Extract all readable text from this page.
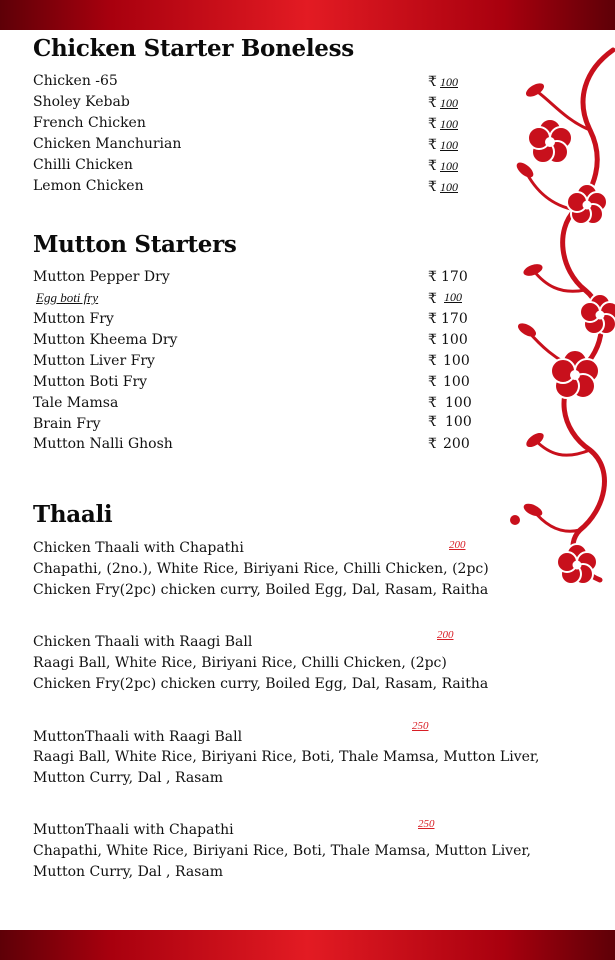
Chicken Starter Boneless
Chicken -65	₹ 100
Sholey Kebab	₹ 100
French Chicken	₹ 100
Chicken Manchurian	₹ 100
Chilli Chicken	₹ 100
Lemon Chicken	₹ 100
Mutton Starters
Mutton Pepper Dry	₹ 170
Egg boti fry	₹ 100
Mutton Fry	₹ 170
Mutton Kheema Dry	₹ 100
Mutton Liver Fry	₹ 100
Mutton Boti Fry	₹ 100
Tale Mamsa	₹ 100
Brain Fry	₹ 100
Mutton Nalli Ghosh	₹ 200
Thaali
Chicken Thaali with Chapathi	200
Chapathi, (2no.), White Rice, Biriyani Rice, Chilli Chicken, (2pc)
Chicken Fry(2pc) chicken curry, Boiled Egg, Dal, Rasam, Raitha
Chicken Thaali with Raagi Ball	200
Raagi Ball, White Rice, Biriyani Rice, Chilli Chicken, (2pc)
Chicken Fry(2pc) chicken curry, Boiled Egg, Dal, Rasam, Raitha
MuttonThaali with Raagi Ball
250
Raagi Ball, White Rice, Biriyani Rice, Boti, Thale Mamsa, Mutton Liver,
Mutton Curry, Dal , Rasam
MuttonThaali with Chapathi	250
Chapathi, White Rice, Biriyani Rice, Boti, Thale Mamsa, Mutton Liver,
Mutton Curry, Dal , Rasam
